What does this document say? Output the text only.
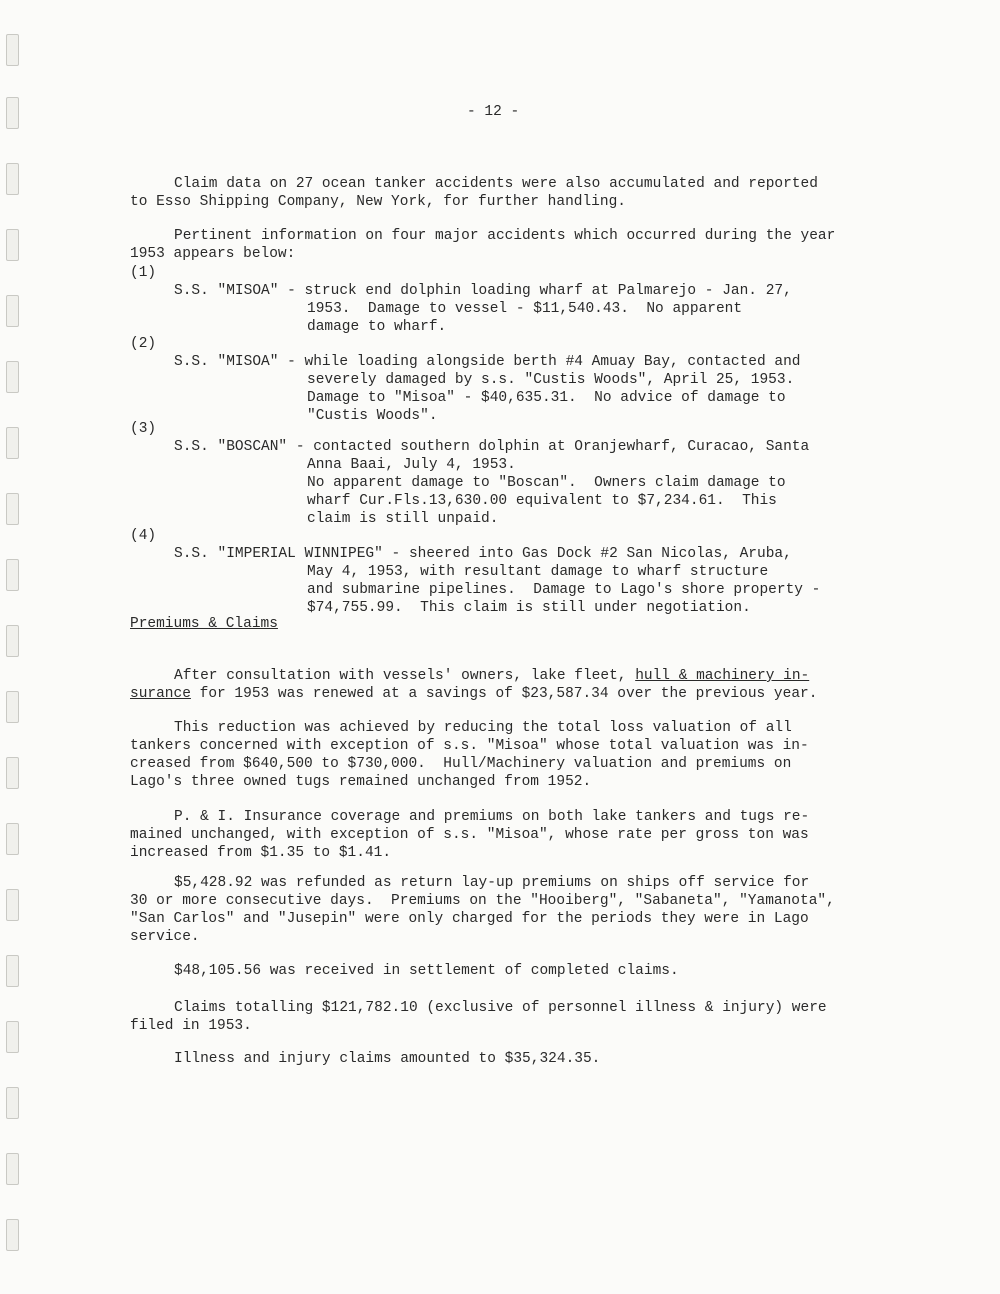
- 12 -

Claim data on 27 ocean tanker accidents were also accumulated and reported
to Esso Shipping Company, New York, for further handling.

Pertinent information on four major accidents which occurred during the year
1953 appears below:

(1)

S.S. "MISOA" - struck end dolphin loading wharf at Palmarejo - Jan. 27,
1953.  Damage to vessel - $11,540.43.  No apparent
damage to wharf.

(2)

S.S. "MISOA" - while loading alongside berth #4 Amuay Bay, contacted and
severely damaged by s.s. "Custis Woods", April 25, 1953.
Damage to "Misoa" - $40,635.31.  No advice of damage to
"Custis Woods".

(3)

S.S. "BOSCAN" - contacted southern dolphin at Oranjewharf, Curacao, Santa
Anna Baai, July 4, 1953.
No apparent damage to "Boscan".  Owners claim damage to
wharf Cur.Fls.13,630.00 equivalent to $7,234.61.  This
claim is still unpaid.

(4)

S.S. "IMPERIAL WINNIPEG" - sheered into Gas Dock #2 San Nicolas, Aruba,
May 4, 1953, with resultant damage to wharf structure
and submarine pipelines.  Damage to Lago's shore property -
$74,755.99.  This claim is still under negotiation.

Premiums & Claims

After consultation with vessels' owners, lake fleet, hull & machinery in-
surance for 1953 was renewed at a savings of $23,587.34 over the previous year.

This reduction was achieved by reducing the total loss valuation of all
tankers concerned with exception of s.s. "Misoa" whose total valuation was in-
creased from $640,500 to $730,000.  Hull/Machinery valuation and premiums on
Lago's three owned tugs remained unchanged from 1952.

P. & I. Insurance coverage and premiums on both lake tankers and tugs re-
mained unchanged, with exception of s.s. "Misoa", whose rate per gross ton was
increased from $1.35 to $1.41.

$5,428.92 was refunded as return lay-up premiums on ships off service for
30 or more consecutive days.  Premiums on the "Hooiberg", "Sabaneta", "Yamanota",
"San Carlos" and "Jusepin" were only charged for the periods they were in Lago
service.

$48,105.56 was received in settlement of completed claims.

Claims totalling $121,782.10 (exclusive of personnel illness & injury) were
filed in 1953.

Illness and injury claims amounted to $35,324.35.
